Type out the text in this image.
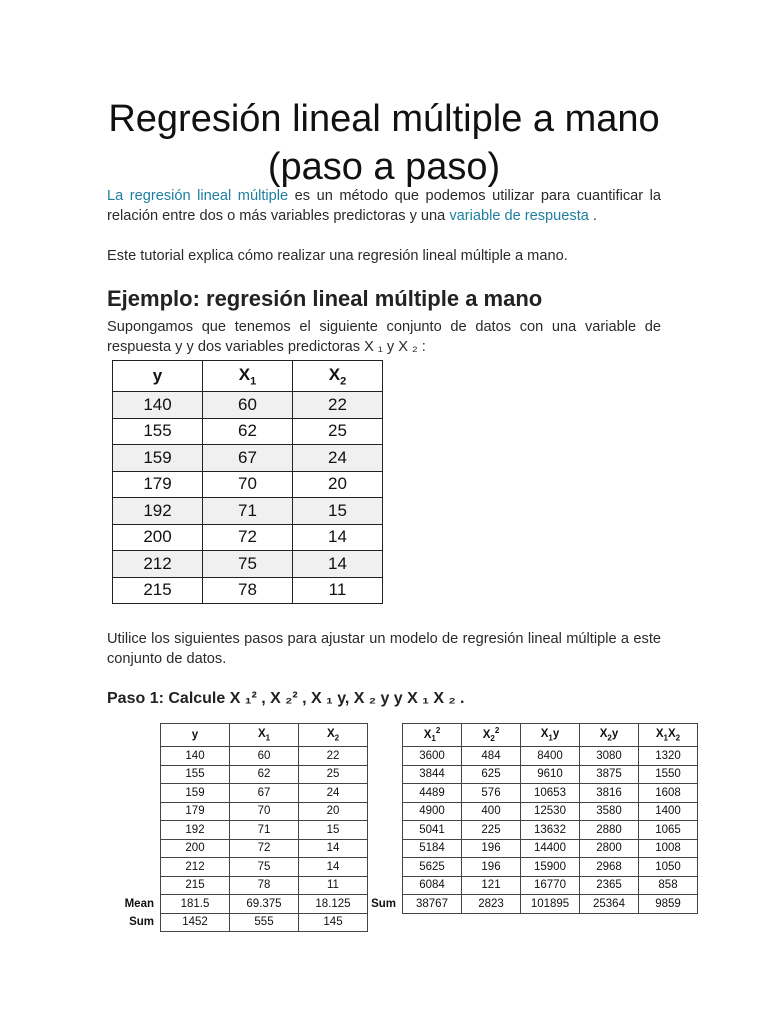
Regresión lineal múltiple a mano (paso a paso)

La regresión lineal múltiple es un método que podemos utilizar para cuantificar la relación entre dos o más variables predictoras y una variable de respuesta .

Este tutorial explica cómo realizar una regresión lineal múltiple a mano.

Ejemplo: regresión lineal múltiple a mano

Supongamos que tenemos el siguiente conjunto de datos con una variable de respuesta y y dos variables predictoras X ₁ y X ₂ :

y	$X_1$	$X_2$
140	60	22
155	62	25
159	67	24
179	70	20
192	71	15
200	72	14
212	75	14
215	78	11

Utilice los siguientes pasos para ajustar un modelo de regresión lineal múltiple a este conjunto de datos.

Paso 1: Calcule X ₁² , X ₂² , X ₁ y, X ₂ y y X ₁ X ₂ .

	y	$X_1$	$X_2$
	140	60	22
	155	62	25
	159	67	24
	179	70	20
	192	71	15
	200	72	14
	212	75	14
	215	78	11
Mean	181.5	69.375	18.125
Sum	1452	555	145
	$X_1^2$	$X_2^2$	$X_1y$	$X_2y$	$X_1X_2$
	3600	484	8400	3080	1320
	3844	625	9610	3875	1550
	4489	576	10653	3816	1608
	4900	400	12530	3580	1400
	5041	225	13632	2880	1065
	5184	196	14400	2800	1008
	5625	196	15900	2968	1050
	6084	121	16770	2365	858
Sum	38767	2823	101895	25364	9859
